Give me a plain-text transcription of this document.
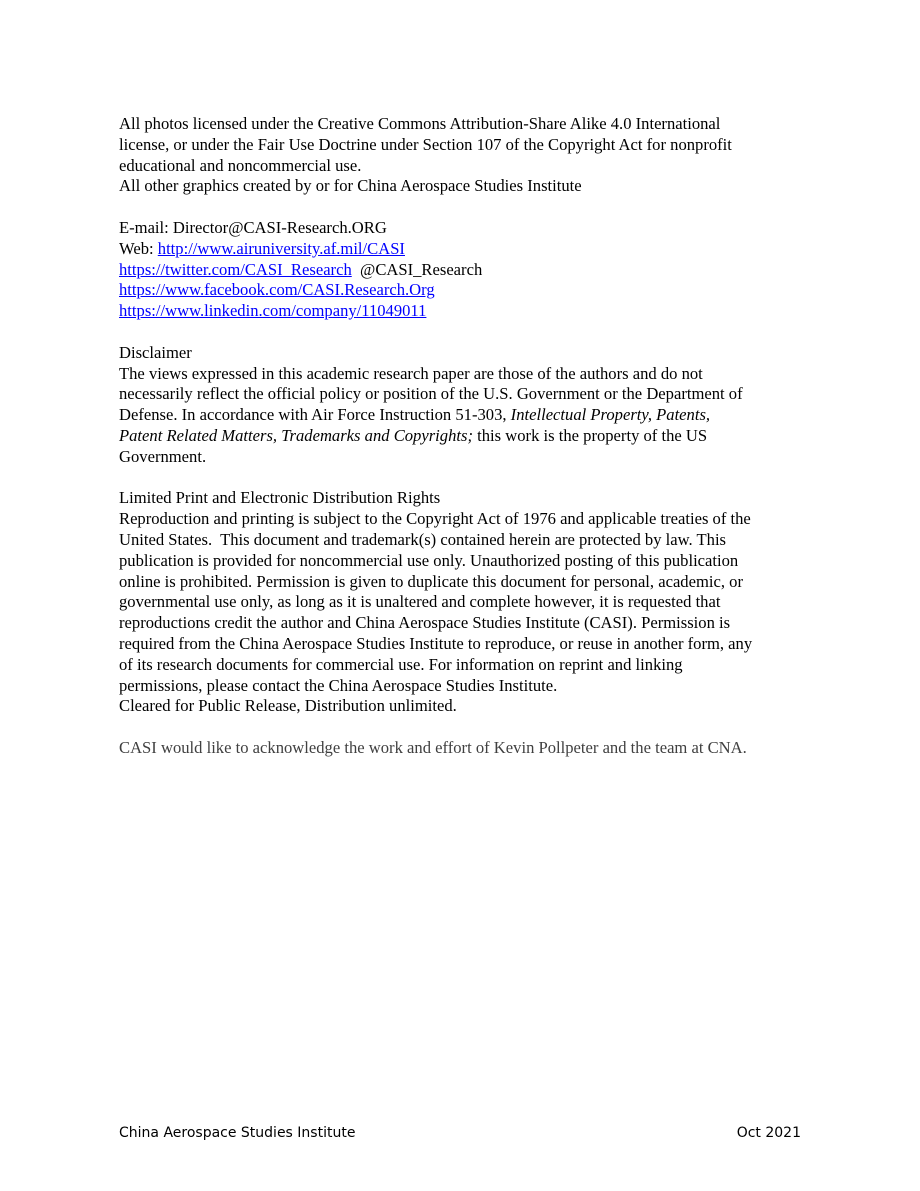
All photos licensed under the Creative Commons Attribution-Share Alike 4.0 International
license, or under the Fair Use Doctrine under Section 107 of the Copyright Act for nonprofit
educational and noncommercial use.
All other graphics created by or for China Aerospace Studies Institute
E-mail: Director@CASI-Research.ORG
Web: http://www.airuniversity.af.mil/CASI
https://twitter.com/CASI_Research  @CASI_Research
https://www.facebook.com/CASI.Research.Org
https://www.linkedin.com/company/11049011
Disclaimer
The views expressed in this academic research paper are those of the authors and do not
necessarily reflect the official policy or position of the U.S. Government or the Department of
Defense. In accordance with Air Force Instruction 51-303, Intellectual Property, Patents,
Patent Related Matters, Trademarks and Copyrights; this work is the property of the US
Government.
Limited Print and Electronic Distribution Rights
Reproduction and printing is subject to the Copyright Act of 1976 and applicable treaties of the
United States.  This document and trademark(s) contained herein are protected by law. This
publication is provided for noncommercial use only. Unauthorized posting of this publication
online is prohibited. Permission is given to duplicate this document for personal, academic, or
governmental use only, as long as it is unaltered and complete however, it is requested that
reproductions credit the author and China Aerospace Studies Institute (CASI). Permission is
required from the China Aerospace Studies Institute to reproduce, or reuse in another form, any
of its research documents for commercial use. For information on reprint and linking
permissions, please contact the China Aerospace Studies Institute.
Cleared for Public Release, Distribution unlimited.
CASI would like to acknowledge the work and effort of Kevin Pollpeter and the team at CNA.
China Aerospace Studies Institute	Oct 2021
